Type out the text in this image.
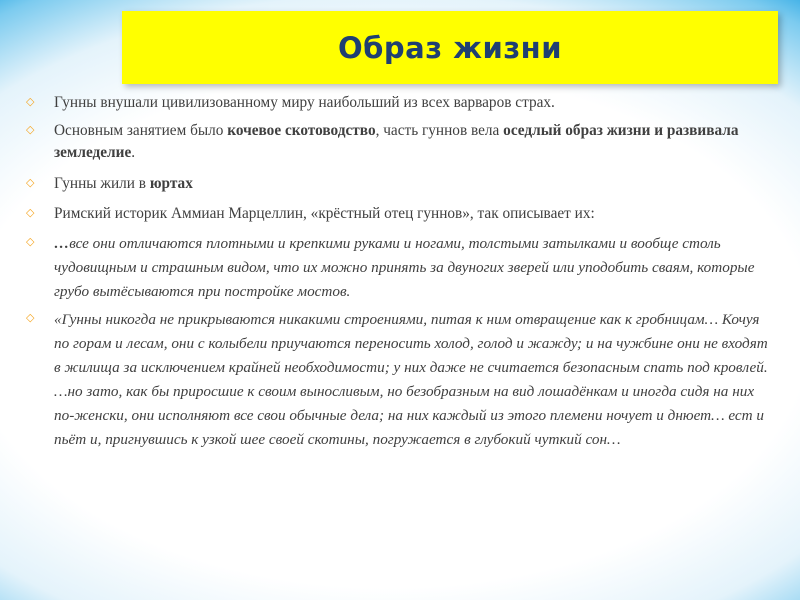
Образ жизни
◇ Гунны внушали цивилизованному миру наибольший из всех варваров страх.
◇ Основным занятием было кочевое скотоводство, часть гуннов вела оседлый образ жизни и развивала земледелие.
◇ Гунны жили в юртах
◇ Римский историк Аммиан Марцеллин, «крёстный отец гуннов», так описывает их:
◇ …все они отличаются плотными и крепкими руками и ногами, толстыми затылками и вообще столь чудовищным и страшным видом, что их можно принять за двуногих зверей или уподобить сваям, которые грубо вытёсываются при постройке мостов.
◇ «Гунны никогда не прикрываются никакими строениями, питая к ним отвращение как к гробницам… Кочуя по горам и лесам, они с колыбели приучаются переносить холод, голод и жажду; и на чужбине они не входят в жилища за исключением крайней необходимости; у них даже не считается безопасным спать под кровлей. …но зато, как бы приросшие к своим выносливым, но безобразным на вид лошадёнкам и иногда сидя на них по-женски, они исполняют все свои обычные дела; на них каждый из этого племени ночует и днюет… ест и пьёт и, пригнувшись к узкой шее своей скотины, погружается в глубокий чуткий сон…
